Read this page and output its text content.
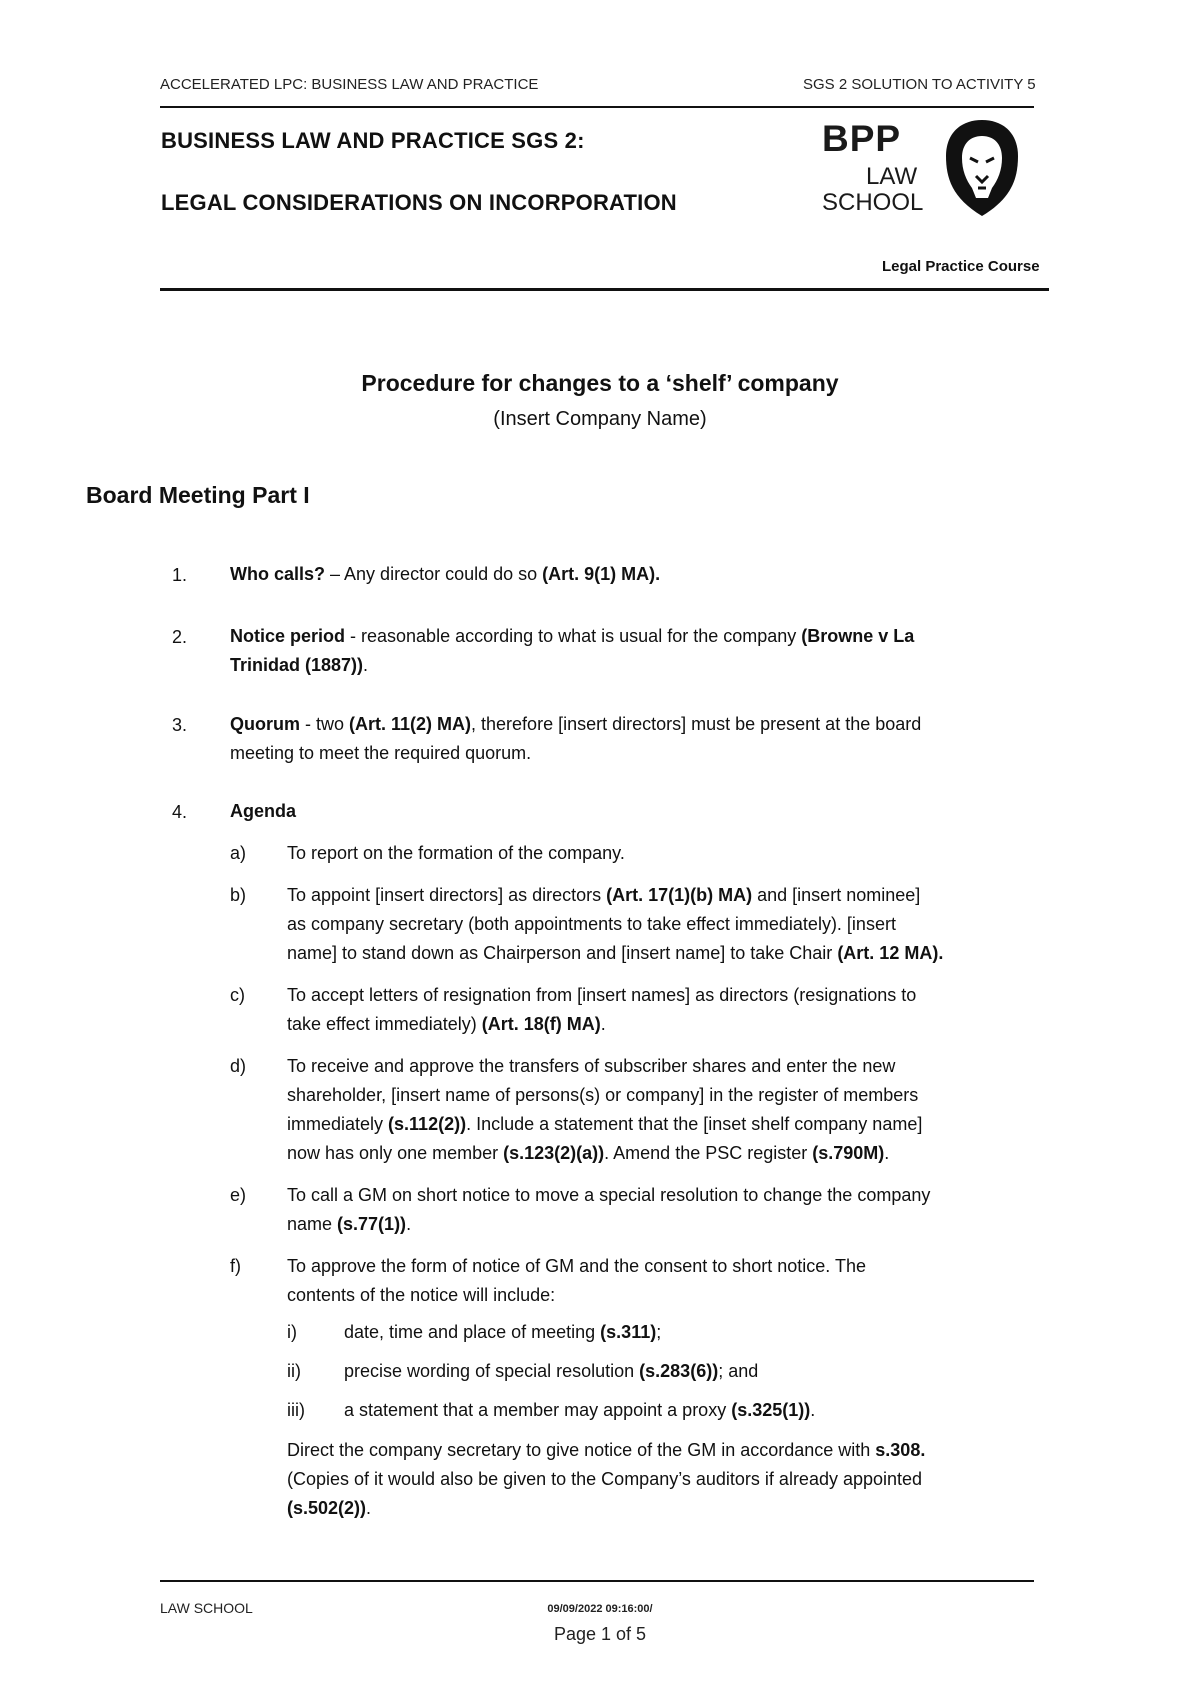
ACCELERATED LPC: BUSINESS LAW AND PRACTICE	SGS 2 SOLUTION TO ACTIVITY 5
BUSINESS LAW AND PRACTICE SGS 2:
LEGAL CONSIDERATIONS ON INCORPORATION
BPP
LAW
SCHOOL
Legal Practice Course
Procedure for changes to a ‘shelf’ company
(Insert Company Name)
Board Meeting Part I
1. Who calls? – Any director could do so (Art. 9(1) MA).
2. Notice period - reasonable according to what is usual for the company (Browne v La
Trinidad (1887)).
3. Quorum - two (Art. 11(2) MA), therefore [insert directors] must be present at the board
meeting to meet the required quorum.
4. Agenda
a) To report on the formation of the company.
b) To appoint [insert directors] as directors (Art. 17(1)(b) MA) and [insert nominee]
as company secretary (both appointments to take effect immediately). [insert
name] to stand down as Chairperson and [insert name] to take Chair (Art. 12 MA).
c) To accept letters of resignation from [insert names] as directors (resignations to
take effect immediately) (Art. 18(f) MA).
d) To receive and approve the transfers of subscriber shares and enter the new
shareholder, [insert name of persons(s) or company] in the register of members
immediately (s.112(2)). Include a statement that the [inset shelf company name]
now has only one member (s.123(2)(a)). Amend the PSC register (s.790M).
e) To call a GM on short notice to move a special resolution to change the company
name (s.77(1)).
f)	To approve the form of notice of GM and the consent to short notice. The
contents of the notice will include:
i)	date, time and place of meeting (s.311);
ii) precise wording of special resolution (s.283(6)); and
iii) a statement that a member may appoint a proxy (s.325(1)).
Direct the company secretary to give notice of the GM in accordance with s.308.
(Copies of it would also be given to the Company’s auditors if already appointed
(s.502(2)).
LAW SCHOOL	09/09/2022 09:16:00/
Page 1 of 5
